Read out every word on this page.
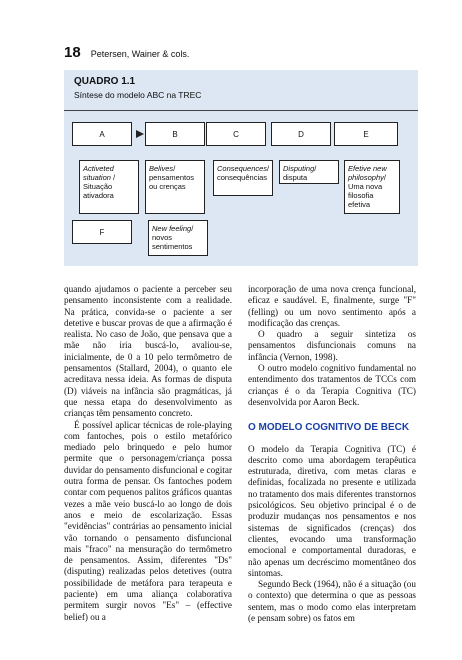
18 Petersen, Wainer & cols.
QUADRO 1.1
Síntese do modelo ABC na TREC
A	B	C	D	E
Activeted situation / Situação ativadora
Belives/ pensamentos ou crenças
Consequences/ consequências
Disputing/ disputa
Efetive new philosophy/ Uma nova filosofia efetiva
F	New feeling/ novos sentimentos

quando ajudamos o paciente a perceber seu pensamento inconsistente com a realidade. Na prática, convida-se o paciente a ser detetive e buscar provas de que a afirmação é realista. No caso de João, que pensava que a mãe não iria buscá-lo, avaliou-se, inicialmente, de 0 a 10 pelo termômetro de pensamentos (Stallard, 2004), o quanto ele acreditava nessa ideia. As formas de disputa (D) viáveis na infância são pragmáticas, já que nessa etapa do desenvolvimento as crianças têm pensamento concreto.

É possível aplicar técnicas de role-playing com fantoches, pois o estilo metafórico mediado pelo brinquedo e pelo humor permite que o personagem/criança possa duvidar do pensamento disfuncional e cogitar outra forma de pensar. Os fantoches podem contar com pequenos palitos gráficos quantas vezes a mãe veio buscá-lo ao longo de dois anos e meio de escolarização. Essas "evidências" contrárias ao pensamento inicial vão tornando o pensamento disfuncional mais "fraco" na mensuração do termômetro de pensamentos. Assim, diferentes "Ds" (disputing) realizadas pelos detetives (outra possibilidade de metáfora para terapeuta e paciente) em uma aliança colaborativa permitem surgir novos "Es" – (effective belief) ou a

incorporação de uma nova crença funcional, eficaz e saudável. E, finalmente, surge "F" (felling) ou um novo sentimento após a modificação das crenças.

O quadro a seguir sintetiza os pensamentos disfuncionais comuns na infância (Vernon, 1998).

O outro modelo cognitivo fundamental no entendimento dos tratamentos de TCCs com crianças é o da Terapia Cognitiva (TC) desenvolvida por Aaron Beck.

O MODELO COGNITIVO DE BECK

O modelo da Terapia Cognitiva (TC) é descrito como uma abordagem terapêutica estruturada, diretiva, com metas claras e definidas, focalizada no presente e utilizada no tratamento dos mais diferentes transtornos psicológicos. Seu objetivo principal é o de produzir mudanças nos pensamentos e nos sistemas de significados (crenças) dos clientes, evocando uma transformação emocional e comportamental duradoras, e não apenas um decréscimo momentâneo dos sintomas.

Segundo Beck (1964), não é a situação (ou o contexto) que determina o que as pessoas sentem, mas o modo como elas interpretam (e pensam sobre) os fatos em
